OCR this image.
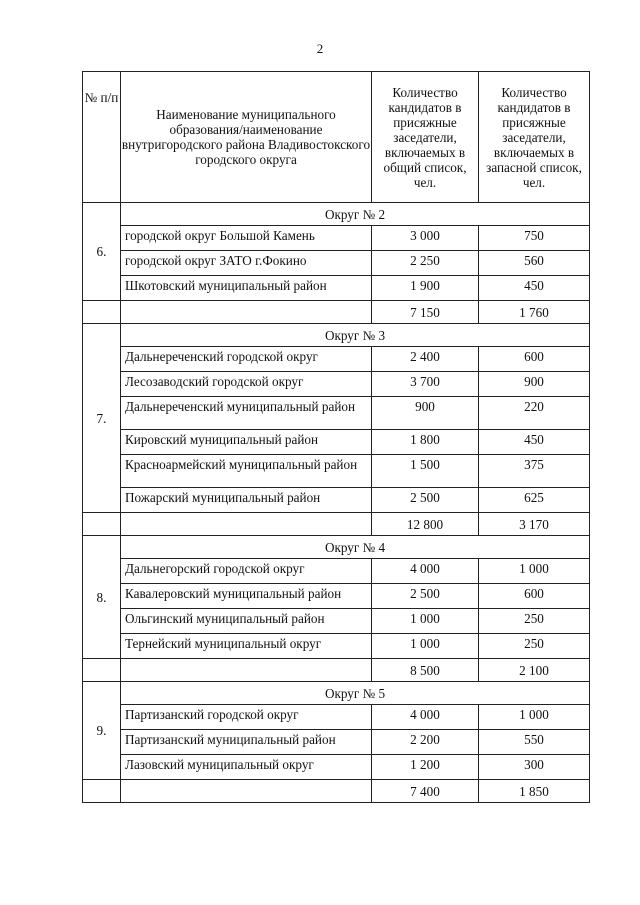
2
№ п/п	Наименование муниципального образования/наименование внутригородского района Владивостокского городского округа	Количество кандидатов в присяжные заседатели, включаемых в общий список, чел.	Количество кандидатов в присяжные заседатели, включаемых в запасной список, чел.
6.	Округ № 2		
	городской округ Большой Камень	3 000	750
	городской округ ЗАТО г.Фокино	2 250	560
	Шкотовский муниципальный район	1 900	450
		7 150	1 760
7.	Округ № 3		
	Дальнереченский городской округ	2 400	600
	Лесозаводский городской округ	3 700	900
	Дальнереченский муниципальный район	900	220
	Кировский муниципальный район	1 800	450
	Красноармейский муниципальный район	1 500	375
	Пожарский муниципальный район	2 500	625
		12 800	3 170
8.	Округ № 4		
	Дальнегорский городской округ	4 000	1 000
	Кавалеровский муниципальный район	2 500	600
	Ольгинский муниципальный район	1 000	250
	Тернейский муниципальный округ	1 000	250
		8 500	2 100
9.	Округ № 5		
	Партизанский городской округ	4 000	1 000
	Партизанский муниципальный район	2 200	550
	Лазовский муниципальный округ	1 200	300
		7 400	1 850
